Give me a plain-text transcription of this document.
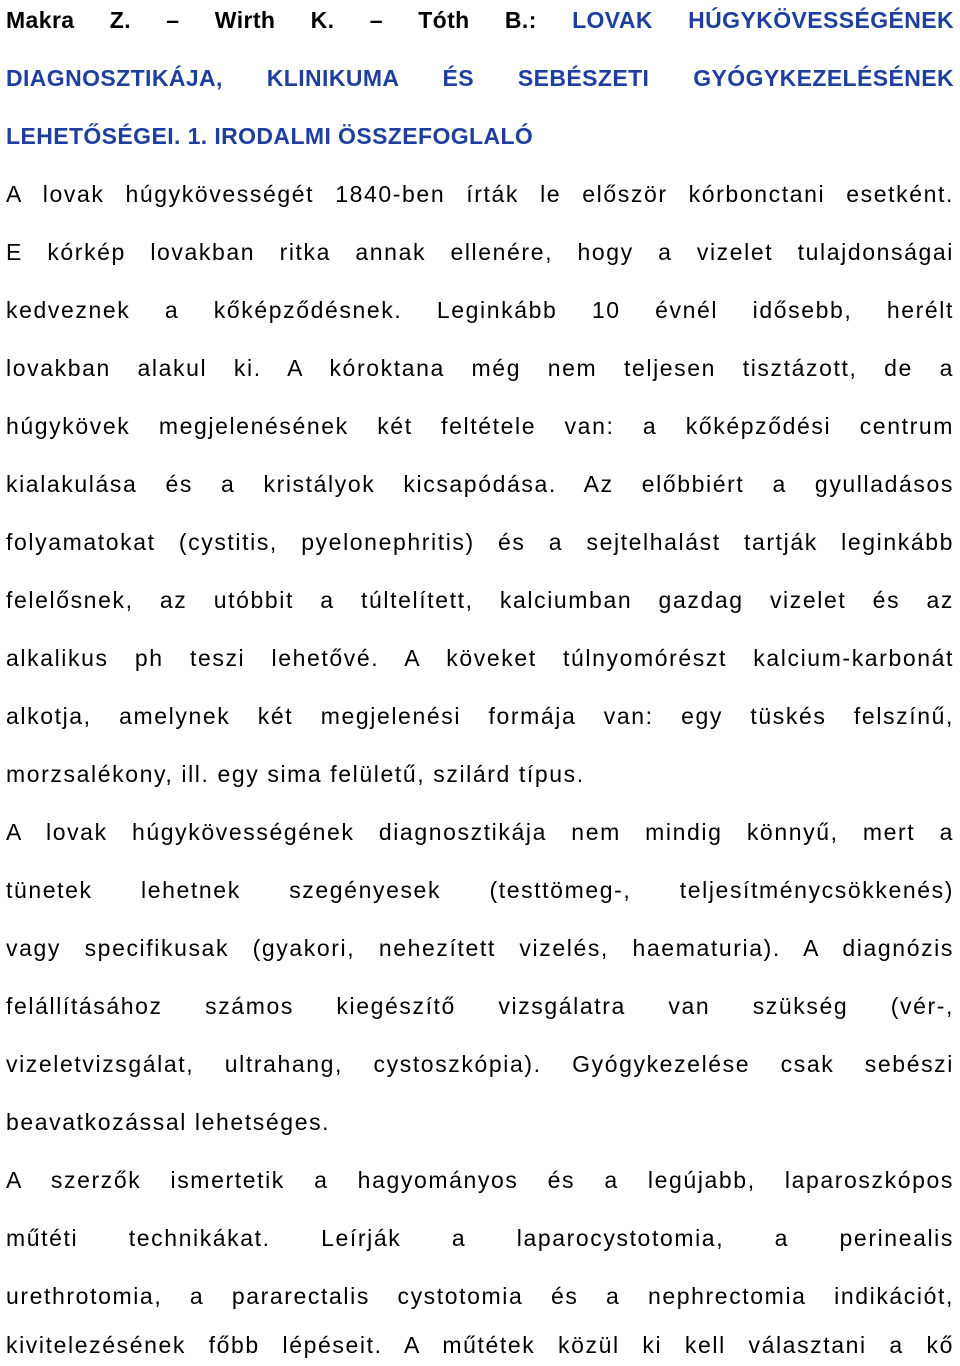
Makra Z. – Wirth K. – Tóth B.: LOVAK HÚGYKÖVESSÉGÉNEK
DIAGNOSZTIKÁJA, KLINIKUMA ÉS SEBÉSZETI GYÓGYKEZELÉSÉNEK
LEHETŐSÉGEI. 1. IRODALMI ÖSSZEFOGLALÓ
A lovak húgykövességét 1840-ben írták le először kórbonctani esetként.
E kórkép lovakban ritka annak ellenére, hogy a vizelet tulajdonságai
kedveznek a kőképződésnek. Leginkább 10 évnél idősebb, herélt
lovakban alakul ki. A kóroktana még nem teljesen tisztázott, de a
húgykövek megjelenésének két feltétele van: a kőképződési centrum
kialakulása és a kristályok kicsapódása. Az előbbiért a gyulladásos
folyamatokat (cystitis, pyelonephritis) és a sejtelhalást tartják leginkább
felelősnek, az utóbbit a túltelített, kalciumban gazdag vizelet és az
alkalikus ph teszi lehetővé. A köveket túlnyomórészt kalcium-karbonát
alkotja, amelynek két megjelenési formája van: egy tüskés felszínű,
morzsalékony, ill. egy sima felületű, szilárd típus.
A lovak húgykövességének diagnosztikája nem mindig könnyű, mert a
tünetek lehetnek szegényesek (testtömeg-, teljesítménycsökkenés)
vagy specifikusak (gyakori, nehezített vizelés, haematuria). A diagnózis
felállításához számos kiegészítő vizsgálatra van szükség (vér-,
vizeletvizsgálat, ultrahang, cystoszkópia). Gyógykezelése csak sebészi
beavatkozással lehetséges.
A szerzők ismertetik a hagyományos és a legújabb, laparoszkópos
műtéti technikákat. Leírják a laparocystotomia, a perinealis
urethrotomia, a pararectalis cystotomia és a nephrectomia indikációt,
kivitelezésének főbb lépéseit. A műtétek közül ki kell választani a kő
